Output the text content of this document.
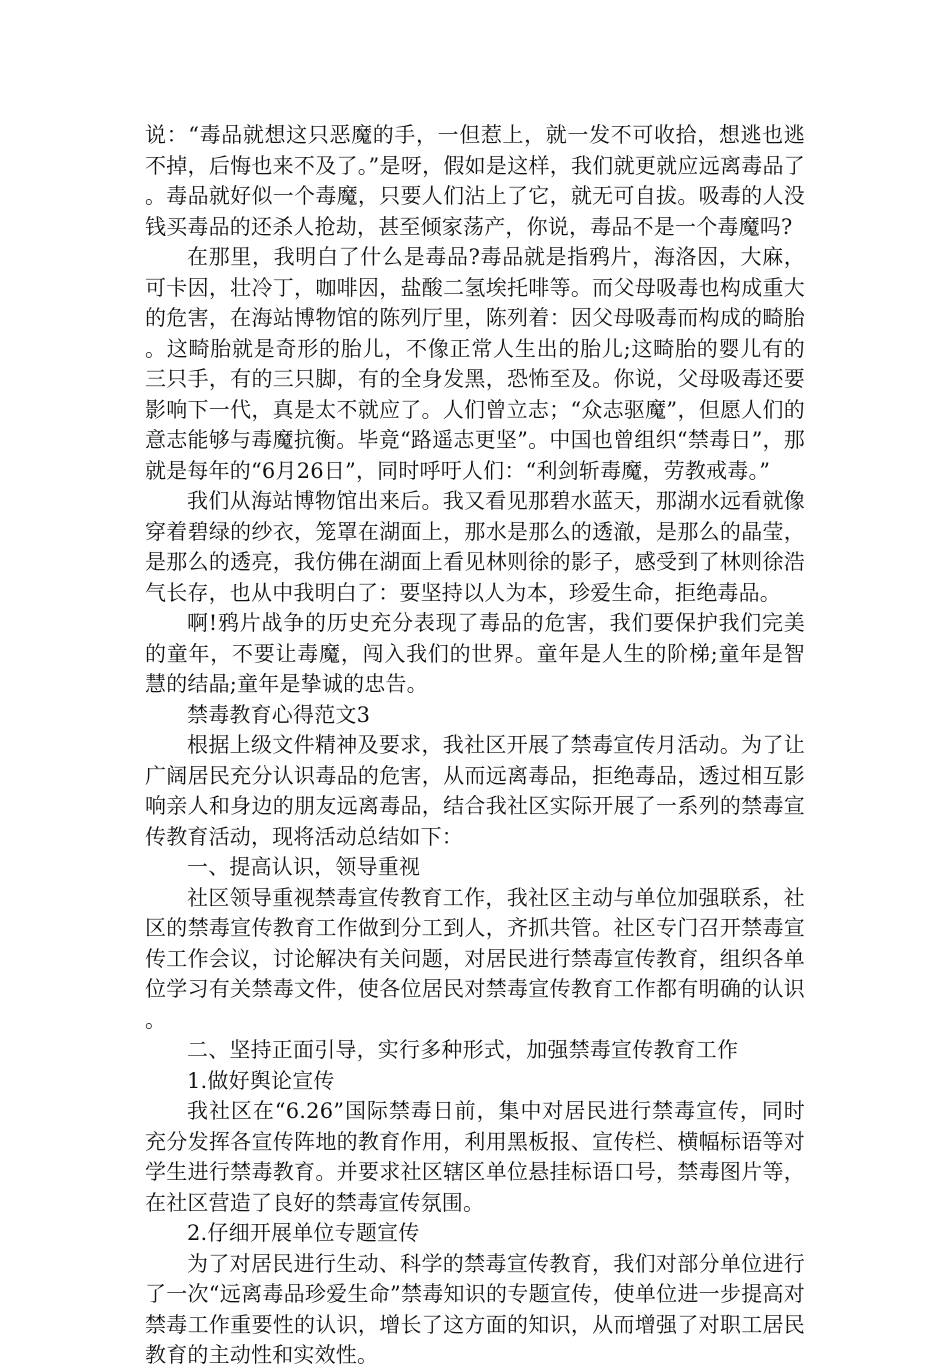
说：“毒品就想这只恶魔的手，一但惹上，就一发不可收拾，想逃也逃不掉，后悔也来不及了。”是呀，假如是这样，我们就更就应远离毒品了。毒品就好似一个毒魔，只要人们沾上了它，就无可自拔。吸毒的人没钱买毒品的还杀人抢劫，甚至倾家荡产，你说，毒品不是一个毒魔吗?

在那里，我明白了什么是毒品?毒品就是指鸦片，海洛因，大麻，可卡因，壮冷丁，咖啡因，盐酸二氢埃托啡等。而父母吸毒也构成重大的危害，在海站博物馆的陈列厅里，陈列着：因父母吸毒而构成的畸胎。这畸胎就是奇形的胎儿，不像正常人生出的胎儿;这畸胎的婴儿有的三只手，有的三只脚，有的全身发黑，恐怖至及。你说，父母吸毒还要影响下一代，真是太不就应了。人们曾立志；“众志驱魔”，但愿人们的意志能够与毒魔抗衡。毕竟“路遥志更坚”。中国也曾组织“禁毒日”，那就是每年的“6月26日”，同时呼吁人们：“利剑斩毒魔，劳教戒毒。”

我们从海站博物馆出来后。我又看见那碧水蓝天，那湖水远看就像穿着碧绿的纱衣，笼罩在湖面上，那水是那么的透澈，是那么的晶莹，是那么的透亮，我仿佛在湖面上看见林则徐的影子，感受到了林则徐浩气长存，也从中我明白了：要坚持以人为本，珍爱生命，拒绝毒品。

啊!鸦片战争的历史充分表现了毒品的危害，我们要保护我们完美的童年，不要让毒魔，闯入我们的世界。童年是人生的阶梯;童年是智慧的结晶;童年是挚诚的忠告。

禁毒教育心得范文3

根据上级文件精神及要求，我社区开展了禁毒宣传月活动。为了让广阔居民充分认识毒品的危害，从而远离毒品，拒绝毒品，透过相互影响亲人和身边的朋友远离毒品，结合我社区实际开展了一系列的禁毒宣传教育活动，现将活动总结如下：

一、提高认识，领导重视

社区领导重视禁毒宣传教育工作，我社区主动与单位加强联系，社区的禁毒宣传教育工作做到分工到人，齐抓共管。社区专门召开禁毒宣传工作会议，讨论解决有关问题，对居民进行禁毒宣传教育，组织各单位学习有关禁毒文件，使各位居民对禁毒宣传教育工作都有明确的认识。

二、坚持正面引导，实行多种形式，加强禁毒宣传教育工作

1.做好舆论宣传

我社区在“6.26”国际禁毒日前，集中对居民进行禁毒宣传，同时充分发挥各宣传阵地的教育作用，利用黑板报、宣传栏、横幅标语等对学生进行禁毒教育。并要求社区辖区单位悬挂标语口号，禁毒图片等，在社区营造了良好的禁毒宣传氛围。

2.仔细开展单位专题宣传

为了对居民进行生动、科学的禁毒宣传教育，我们对部分单位进行了一次“远离毒品珍爱生命”禁毒知识的专题宣传，使单位进一步提高对禁毒工作重要性的认识，增长了这方面的知识，从而增强了对职工居民教育的主动性和实效性。
